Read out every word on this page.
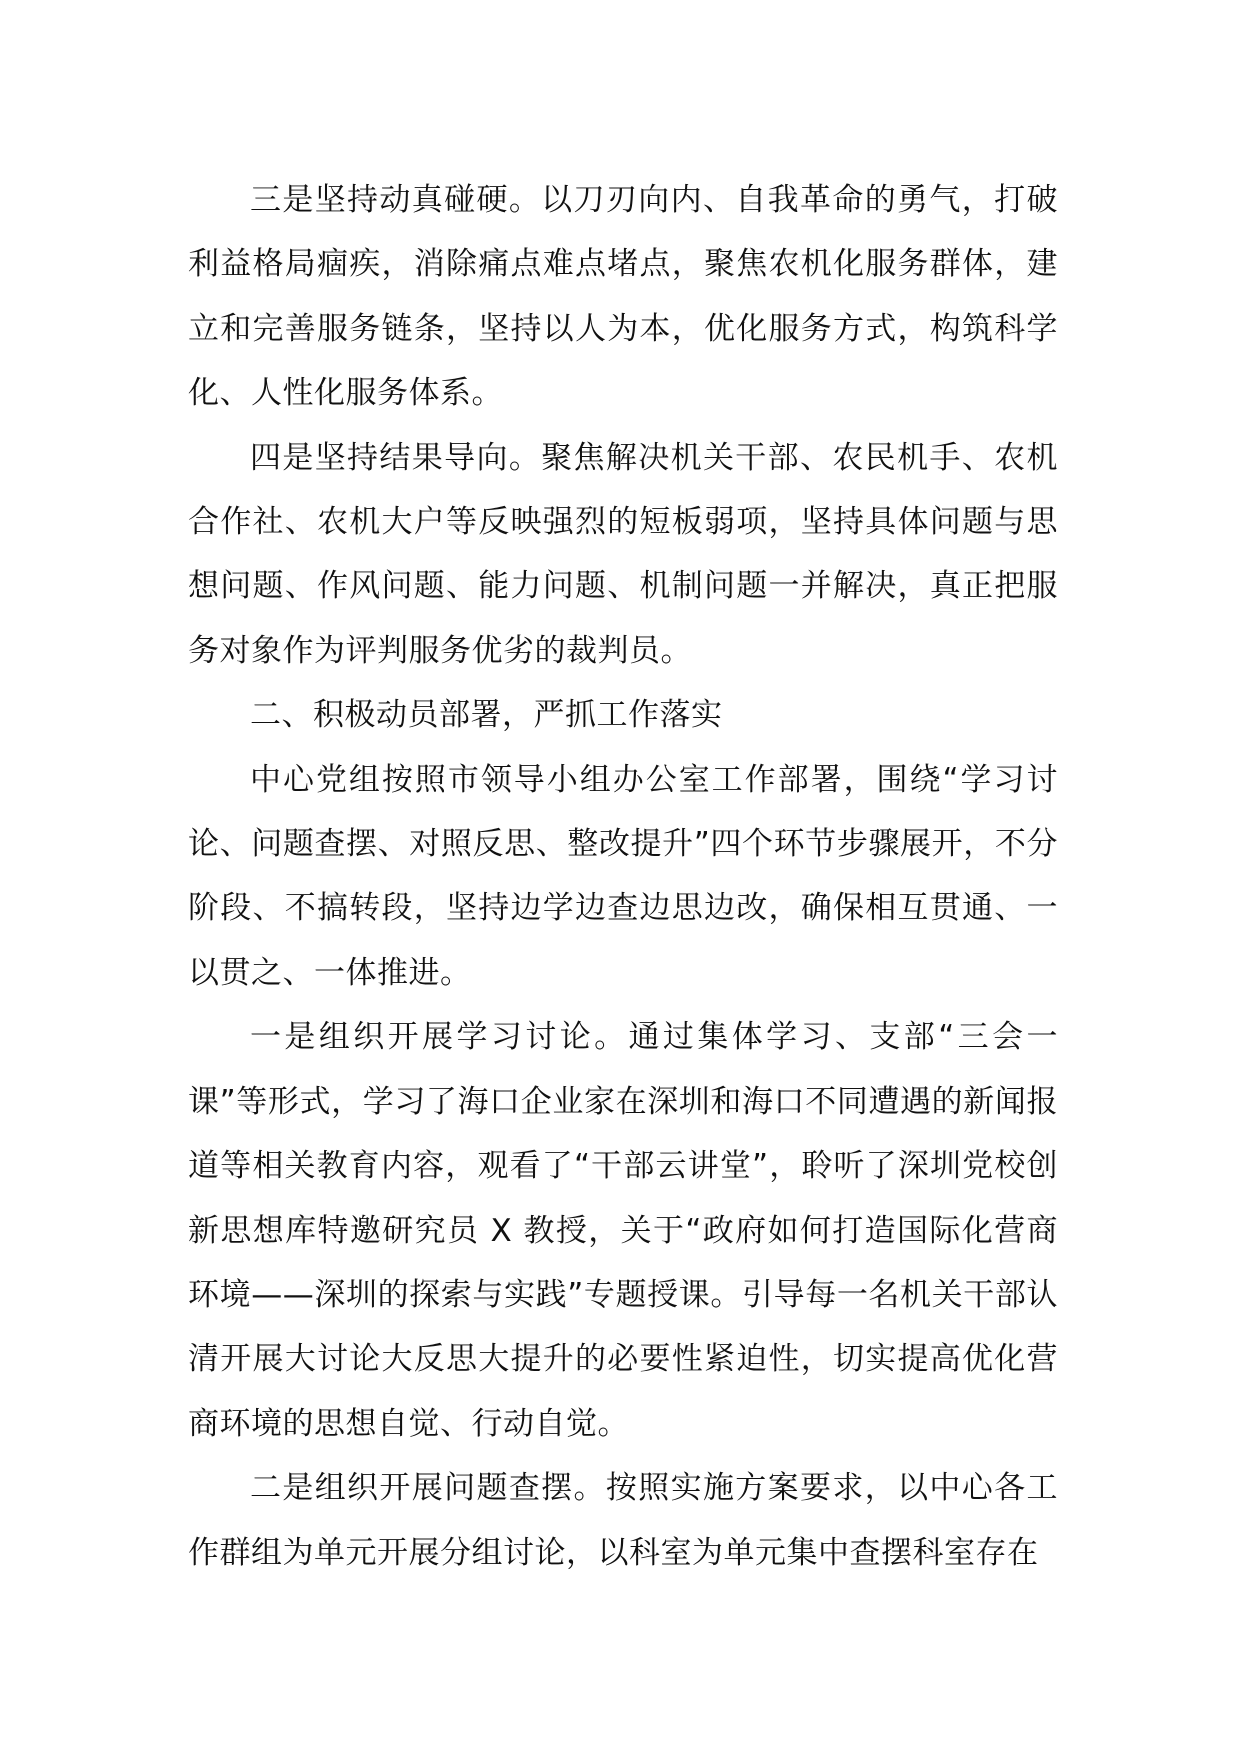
三是坚持动真碰硬。以刀刃向内、自我革命的勇气，打破利益格局痼疾，消除痛点难点堵点，聚焦农机化服务群体，建立和完善服务链条，坚持以人为本，优化服务方式，构筑科学化、人性化服务体系。

四是坚持结果导向。聚焦解决机关干部、农民机手、农机合作社、农机大户等反映强烈的短板弱项，坚持具体问题与思想问题、作风问题、能力问题、机制问题一并解决，真正把服务对象作为评判服务优劣的裁判员。

二、积极动员部署，严抓工作落实

中心党组按照市领导小组办公室工作部署，围绕“学习讨论、问题查摆、对照反思、整改提升”四个环节步骤展开，不分阶段、不搞转段，坚持边学边查边思边改，确保相互贯通、一以贯之、一体推进。

一是组织开展学习讨论。通过集体学习、支部“三会一课”等形式，学习了海口企业家在深圳和海口不同遭遇的新闻报道等相关教育内容，观看了“干部云讲堂”，聆听了深圳党校创新思想库特邀研究员 X 教授，关于“政府如何打造国际化营商环境——深圳的探索与实践”专题授课。引导每一名机关干部认清开展大讨论大反思大提升的必要性紧迫性，切实提高优化营商环境的思想自觉、行动自觉。

二是组织开展问题查摆。按照实施方案要求，以中心各工作群组为单元开展分组讨论，以科室为单元集中查摆科室存在
